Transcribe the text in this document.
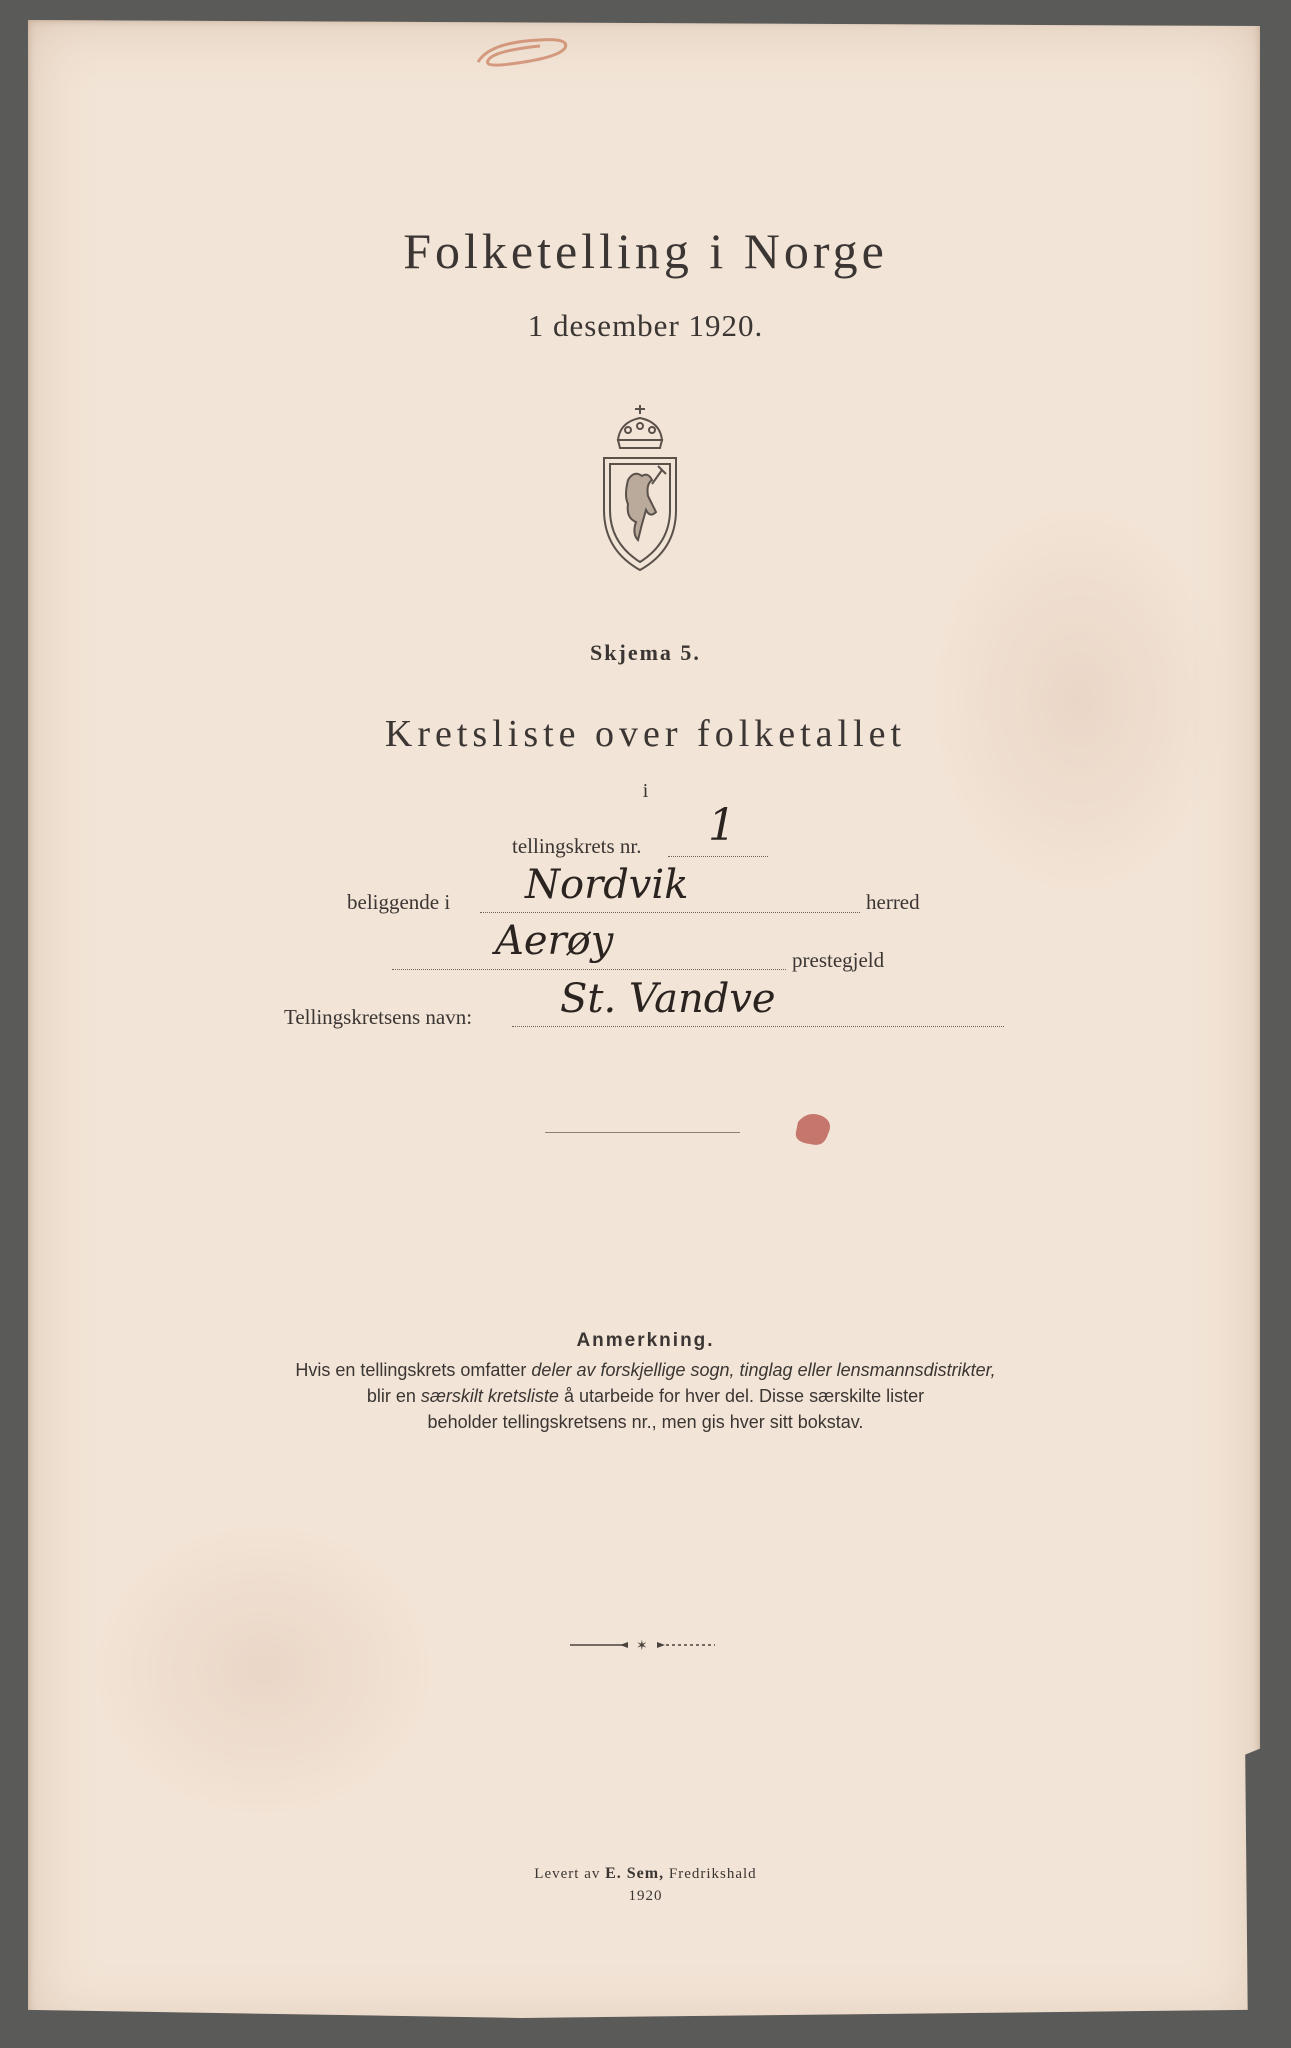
Folketelling i Norge
1 desember 1920.
Skjema 5.
Kretsliste over folketallet
i
tellingskrets nr. 1
beliggende i Nordvik	herred
Aerøy	prestegjeld
Tellingskretsens navn: St. Vandve
Anmerkning.
Hvis en tellingskrets omfatter deler av forskjellige sogn, tinglag eller lensmannsdistrikter,
blir en særskilt kretsliste å utarbeide for hver del. Disse særskilte lister
beholder tellingskretsens nr., men gis hver sitt bokstav.
✶
Levert av E. Sem, Fredrikshald
1920
